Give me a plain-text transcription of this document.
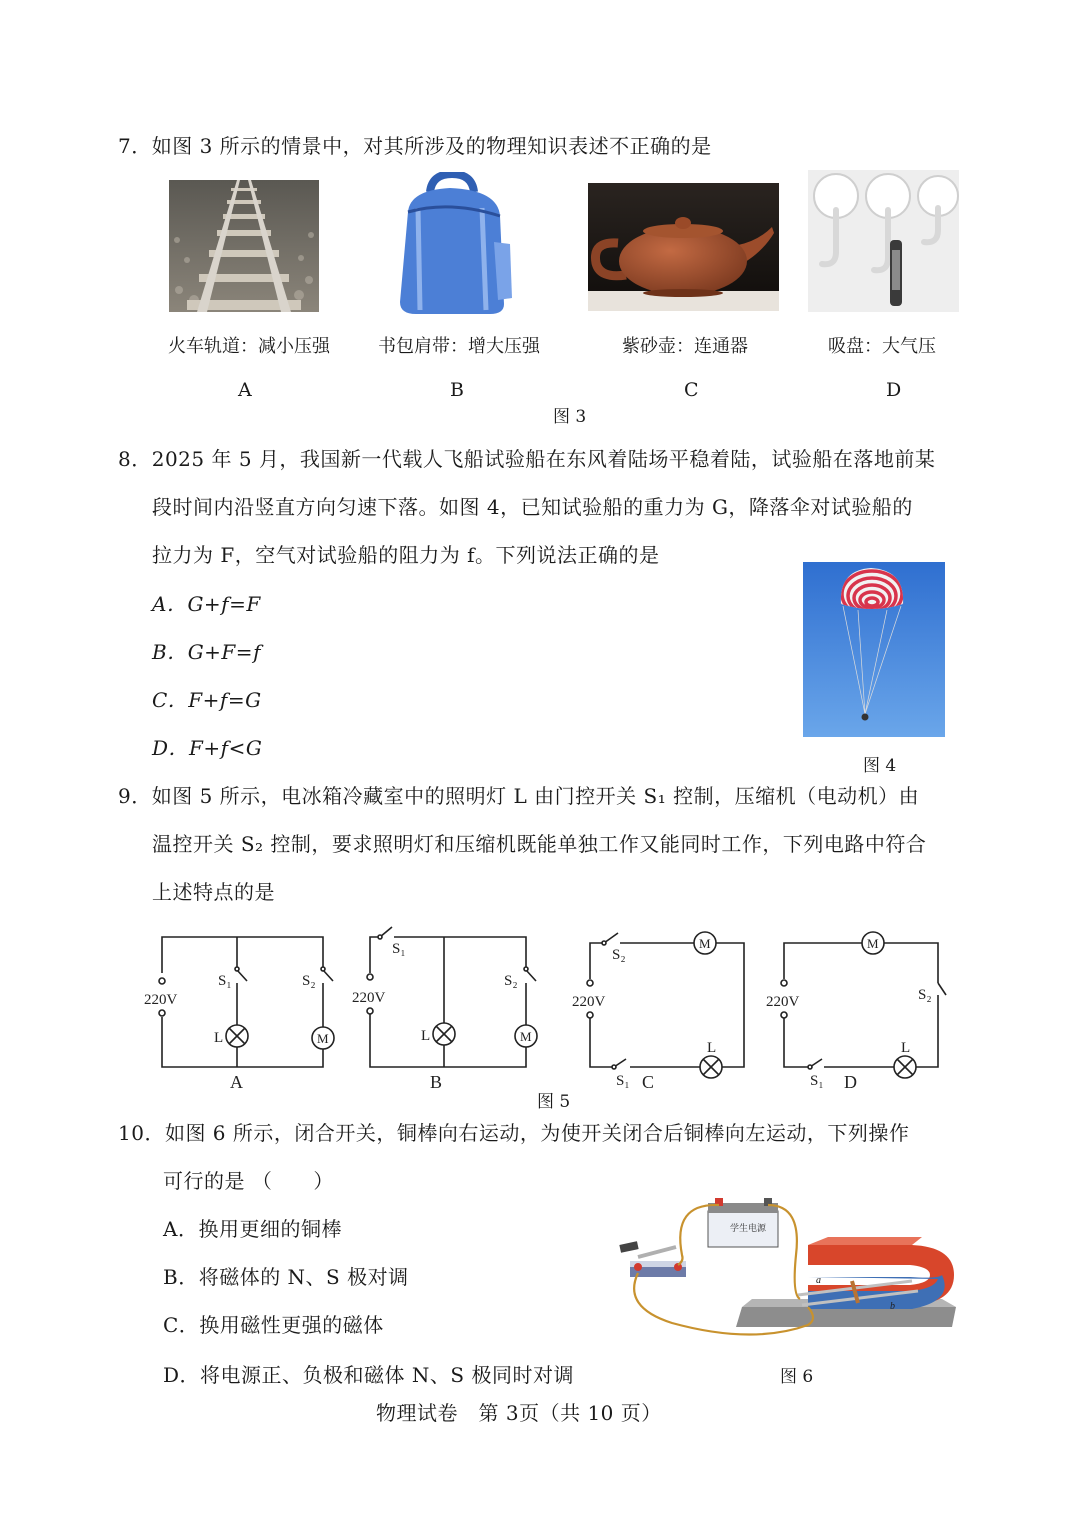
7．如图 3 所示的情景中，对其所涉及的物理知识表述不正确的是
火车轨道：减小压强	书包肩带：增大压强	紫砂壶：连通器	吸盘：大气压
A	B	C	D
图 3
8．2025 年 5 月，我国新一代载人飞船试验船在东风着陆场平稳着陆，试验船在落地前某
段时间内沿竖直方向匀速下落。如图 4，已知试验船的重力为 G，降落伞对试验船的
拉力为 F，空气对试验船的阻力为 f。下列说法正确的是
A．G+f=F
B．G+F=f
C．F+f=G
D．F+f<G
图 4
9．如图 5 所示，电冰箱冷藏室中的照明灯 L 由门控开关 S₁ 控制，压缩机（电动机）由
温控开关 S₂ 控制，要求照明灯和压缩机既能单独工作又能同时工作，下列电路中符合
上述特点的是
220V
S₁	S₂
L	M
A
220V
S₁
S₂
L	M
B
220V
S₂
S₁
L
M
C
220V	S₂
S₁
L
M
D
图 5
10．如图 6 所示，闭合开关，铜棒向右运动，为使开关闭合后铜棒向左运动，下列操作
可行的是 （　　）
A．换用更细的铜棒
B．将磁体的 N、S 极对调
C．换用磁性更强的磁体
D．将电源正、负极和磁体 N、S 极同时对调
学生电源
a
b
图 6
物理试卷　第 3页（共 10 页）
